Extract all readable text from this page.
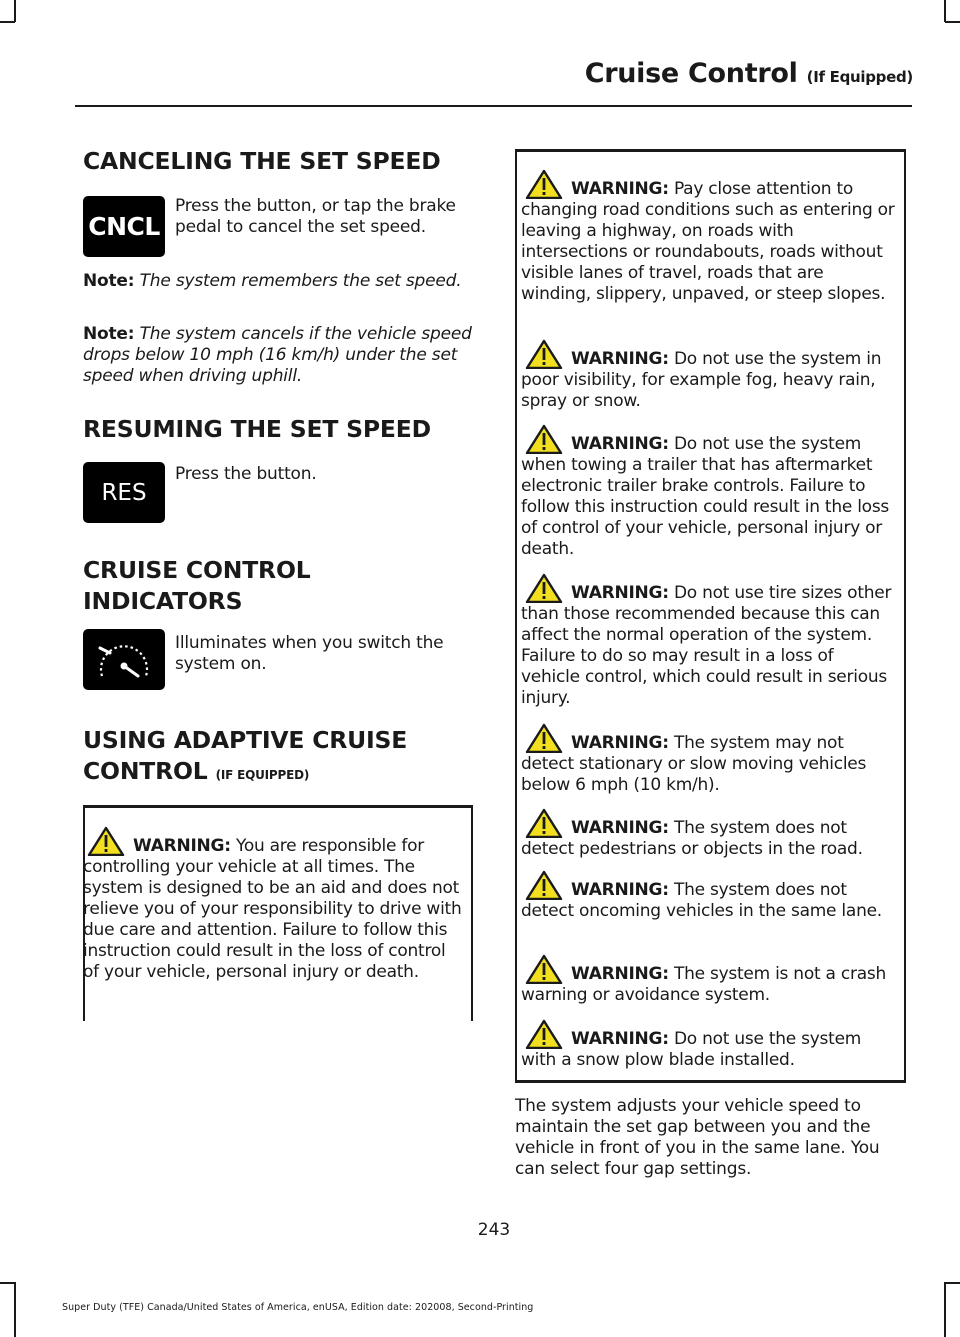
Cruise Control (If Equipped)
CANCELING THE SET SPEED
CNCL
Press the button, or tap the brake pedal to cancel the set speed.
Note: The system remembers the set speed.
Note: The system cancels if the vehicle speed drops below 10 mph (16 km/h) under the set speed when driving uphill.
RESUMING THE SET SPEED
RES
Press the button.
CRUISE CONTROL
INDICATORS
Illuminates when you switch the system on.
USING ADAPTIVE CRUISE
CONTROL (IF EQUIPPED)
WARNING: You are responsible for controlling your vehicle at all times. The system is designed to be an aid and does not relieve you of your responsibility to drive with due care and attention. Failure to follow this instruction could result in the loss of control of your vehicle, personal injury or death.
WARNING: Pay close attention to changing road conditions such as entering or leaving a highway, on roads with intersections or roundabouts, roads without visible lanes of travel, roads that are winding, slippery, unpaved, or steep slopes.
WARNING: Do not use the system in poor visibility, for example fog, heavy rain, spray or snow.
WARNING: Do not use the system when towing a trailer that has aftermarket electronic trailer brake controls. Failure to follow this instruction could result in the loss of control of your vehicle, personal injury or death.
WARNING: Do not use tire sizes other than those recommended because this can affect the normal operation of the system. Failure to do so may result in a loss of vehicle control, which could result in serious injury.
WARNING: The system may not detect stationary or slow moving vehicles below 6 mph (10 km/h).
WARNING: The system does not detect pedestrians or objects in the road.
WARNING: The system does not detect oncoming vehicles in the same lane.
WARNING: The system is not a crash warning or avoidance system.
WARNING: Do not use the system with a snow plow blade installed.
The system adjusts your vehicle speed to maintain the set gap between you and the vehicle in front of you in the same lane. You can select four gap settings.
243
Super Duty (TFE) Canada/United States of America, enUSA, Edition date: 202008, Second-Printing
